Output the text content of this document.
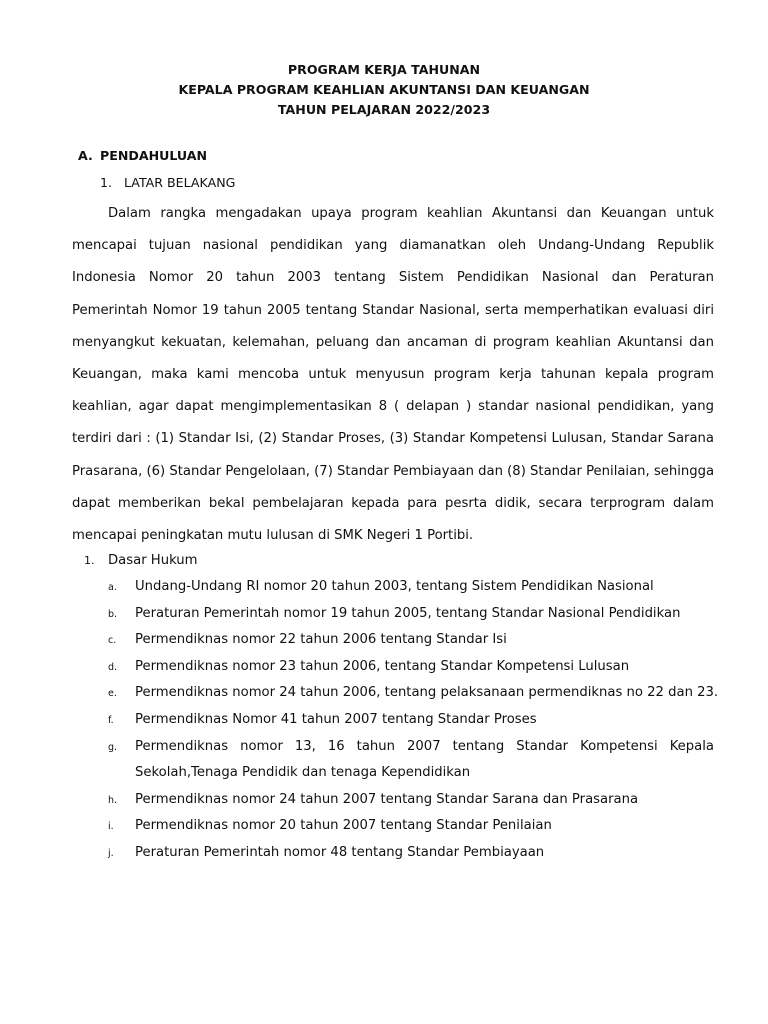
PROGRAM KERJA TAHUNAN
KEPALA PROGRAM KEAHLIAN AKUNTANSI DAN KEUANGAN
TAHUN PELAJARAN 2022/2023
A. PENDAHULUAN
1. LATAR BELAKANG
Dalam rangka mengadakan upaya program keahlian Akuntansi dan Keuangan untuk
mencapai tujuan nasional pendidikan yang diamanatkan oleh Undang-Undang Republik
Indonesia Nomor 20 tahun 2003 tentang Sistem Pendidikan Nasional dan Peraturan
Pemerintah Nomor 19 tahun 2005 tentang Standar Nasional, serta memperhatikan evaluasi diri
menyangkut kekuatan, kelemahan, peluang dan ancaman di program keahlian Akuntansi dan
Keuangan, maka kami mencoba untuk menyusun program kerja tahunan kepala program
keahlian, agar dapat mengimplementasikan 8 ( delapan ) standar nasional pendidikan, yang
terdiri dari : (1) Standar Isi, (2) Standar Proses, (3) Standar Kompetensi Lulusan, Standar Sarana
Prasarana, (6) Standar Pengelolaan, (7) Standar Pembiayaan dan (8) Standar Penilaian, sehingga
dapat memberikan bekal pembelajaran kepada para pesrta didik, secara terprogram dalam
mencapai peningkatan mutu lulusan di SMK Negeri 1 Portibi.
1. Dasar Hukum
a.	Undang-Undang RI nomor 20 tahun 2003, tentang Sistem Pendidikan Nasional
b.	Peraturan Pemerintah nomor 19 tahun 2005, tentang Standar Nasional Pendidikan
c.	Permendiknas nomor 22 tahun 2006 tentang Standar Isi
d.	Permendiknas nomor 23 tahun 2006, tentang Standar Kompetensi Lulusan
e.	Permendiknas nomor 24 tahun 2006, tentang pelaksanaan permendiknas no 22 dan 23.
f.	Permendiknas Nomor 41 tahun 2007 tentang Standar Proses
g.	Permendiknas nomor 13, 16 tahun 2007 tentang Standar Kompetensi Kepala
Sekolah,Tenaga Pendidik dan tenaga Kependidikan
h.	Permendiknas nomor 24 tahun 2007 tentang Standar Sarana dan Prasarana
i.	Permendiknas nomor 20 tahun 2007 tentang Standar Penilaian
j.	Peraturan Pemerintah nomor 48 tentang Standar Pembiayaan
